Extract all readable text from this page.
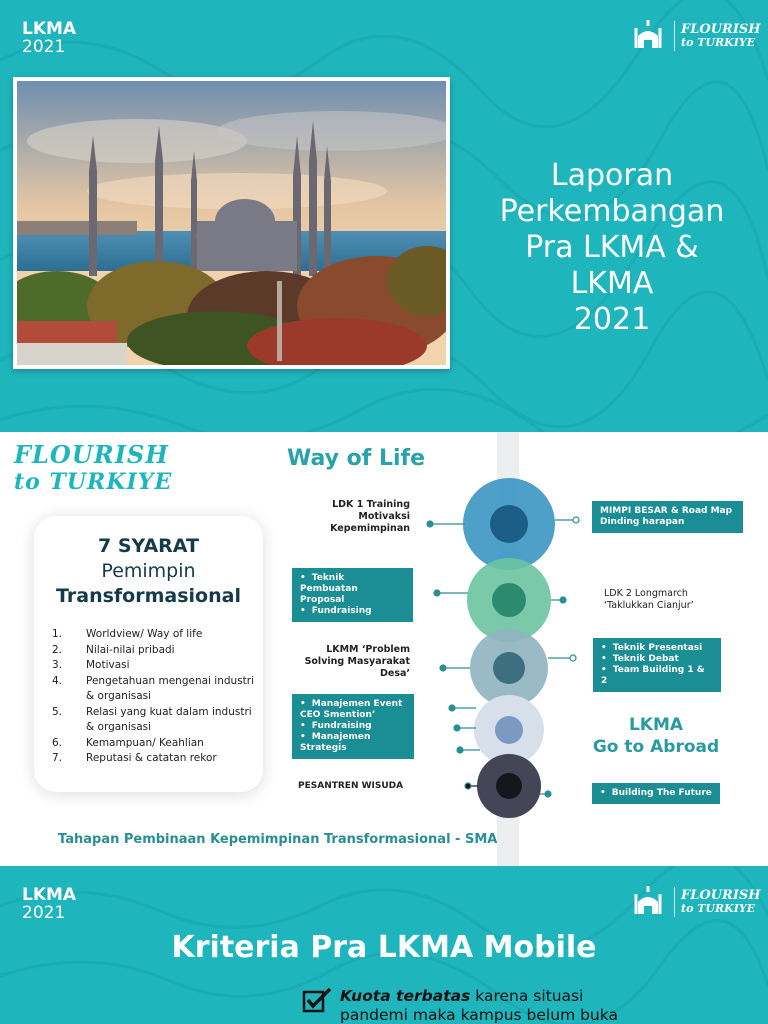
LKMA
2021
FLOURISH
to TURKIYE
Laporan
Perkembangan
Pra LKMA &
LKMA
2021
FLOURISH
to TURKIYE
Way of Life
7 SYARAT
Pemimpin
Transformasional
1.	Worldview/ Way of life
2.	Nilai-nilai pribadi
3.	Motivasi
4.	Pengetahuan mengenai industri & organisasi
5.	Relasi yang kuat dalam industri & organisasi
6.	Kemampuan/ Keahlian
7.	Reputasi & catatan rekor
LDK 1 Training Motivaksi Kepemimpinan
LKMM ‘Problem Solving Masyarakat Desa’
PESANTREN WISUDA
LDK 2 Longmarch
‘Taklukkan Cianjur’
MIMPI BESAR & Road Map Dinding harapan
• Teknik Pembuatan Proposal
• Fundraising
• Teknik Presentasi
• Teknik Debat
• Team Building 1 & 2
• Manajemen Event CEO Smention’
• Fundraising
• Manajemen Strategis
LKMA
Go to Abroad
• Building The Future
Tahapan Pembinaan Kepemimpinan Transformasional - SMA
LKMA
2021
FLOURISH
to TURKIYE
Kriteria Pra LKMA Mobile
Kuota terbatas karena situasi
pandemi maka kampus belum buka
